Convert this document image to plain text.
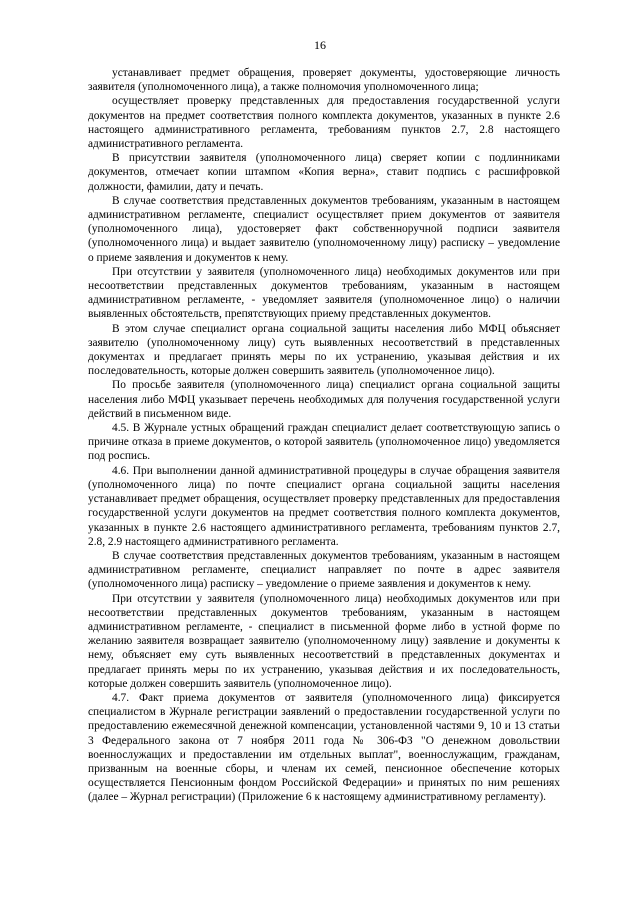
16

устанавливает предмет обращения, проверяет документы, удостоверяющие личность заявителя (уполномоченного лица), а также полномочия уполномоченного лица;

осуществляет проверку представленных для предоставления государственной услуги документов на предмет соответствия полного комплекта документов, указанных в пункте 2.6 настоящего административного регламента, требованиям пунктов 2.7, 2.8 настоящего административного регламента.

В присутствии заявителя (уполномоченного лица) сверяет копии с подлинниками документов, отмечает копии штампом «Копия верна», ставит подпись с расшифровкой должности, фамилии, дату и печать.

В случае соответствия представленных документов требованиям, указанным в настоящем административном регламенте, специалист осуществляет прием документов от заявителя (уполномоченного лица), удостоверяет факт собственноручной подписи заявителя (уполномоченного лица) и выдает заявителю (уполномоченному лицу) расписку – уведомление о приеме заявления и документов к нему.

При отсутствии у заявителя (уполномоченного лица) необходимых документов или при несоответствии представленных документов требованиям, указанным в настоящем административном регламенте, - уведомляет заявителя (уполномоченное лицо) о наличии выявленных обстоятельств, препятствующих приему представленных документов.

В этом случае специалист органа социальной защиты населения либо МФЦ объясняет заявителю (уполномоченному лицу) суть выявленных несоответствий в представленных документах и предлагает принять меры по их устранению, указывая действия и их последовательность, которые должен совершить заявитель (уполномоченное лицо).

По просьбе заявителя (уполномоченного лица) специалист органа социальной защиты населения либо МФЦ указывает перечень необходимых для получения государственной услуги действий в письменном виде.

4.5. В Журнале устных обращений граждан специалист делает соответствующую запись о причине отказа в приеме документов, о которой заявитель (уполномоченное лицо) уведомляется под роспись.

4.6. При выполнении данной административной процедуры в случае обращения заявителя (уполномоченного лица) по почте специалист органа социальной защиты населения устанавливает предмет обращения, осуществляет проверку представленных для предоставления государственной услуги документов на предмет соответствия полного комплекта документов, указанных в пункте 2.6 настоящего административного регламента, требованиям пунктов 2.7, 2.8, 2.9 настоящего административного регламента.

В случае соответствия представленных документов требованиям, указанным в настоящем административном регламенте, специалист направляет по почте в адрес заявителя (уполномоченного лица) расписку – уведомление о приеме заявления и документов к нему.

При отсутствии у заявителя (уполномоченного лица) необходимых документов или при несоответствии представленных документов требованиям, указанным в настоящем административном регламенте, - специалист в письменной форме либо в устной форме по желанию заявителя возвращает заявителю (уполномоченному лицу) заявление и документы к нему, объясняет ему суть выявленных несоответствий в представленных документах и предлагает принять меры по их устранению, указывая действия и их последовательность, которые должен совершить заявитель (уполномоченное лицо).

4.7. Факт приема документов от заявителя (уполномоченного лица) фиксируется специалистом в Журнале регистрации заявлений о предоставлении государственной услуги по предоставлению ежемесячной денежной компенсации, установленной частями 9, 10 и 13 статьи 3 Федерального закона от 7 ноября 2011 года № 306-ФЗ "О денежном довольствии военнослужащих и предоставлении им отдельных выплат", военнослужащим, гражданам, призванным на военные сборы, и членам их семей, пенсионное обеспечение которых осуществляется Пенсионным фондом Российской Федерации» и принятых по ним решениях (далее – Журнал регистрации) (Приложение 6 к настоящему административному регламенту).
